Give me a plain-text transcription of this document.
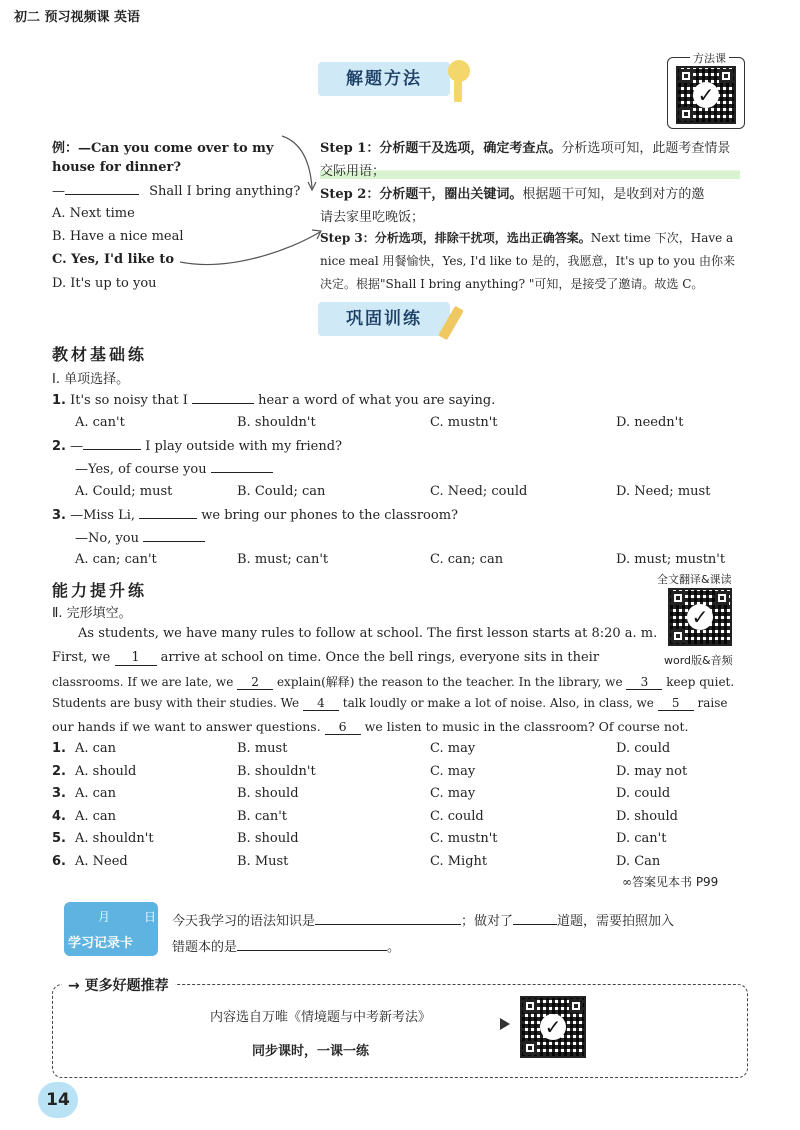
初二 预习视频课 英语
解题方法
方法课
✓
例：—Can you come over to my
house for dinner?
—	Shall I bring anything?
A. Next time
B. Have a nice meal
C. Yes, I'd like to
D. It's up to you
Step 1：分析题干及选项，确定考查点。分析选项可知，此题考查情景
交际用语；
Step 2：分析题干，圈出关键词。根据题干可知，是收到对方的邀
请去家里吃晚饭；
Step 3：分析选项，排除干扰项，选出正确答案。Next time 下次，Have a
nice meal 用餐愉快，Yes, I'd like to 是的，我愿意，It's up to you 由你来
决定。根据"Shall I bring anything? "可知，是接受了邀请。故选 C。
巩固训练
教材基础练
Ⅰ. 单项选择。
1. It's so noisy that I	hear a word of what you are saying.
A. can't	B. shouldn't	C. mustn't	D. needn't
2. —	I play outside with my friend?
—Yes, of course you
A. Could; must	B. Could; can	C. Need; could	D. Need; must
3. —Miss Li,	we bring our phones to the classroom?
—No, you
A. can; can't	B. must; can't	C. can; can	D. must; mustn't
能力提升练
全文翻译&课读
✓
word版&音频
Ⅱ. 完形填空。
As students, we have many rules to follow at school. The first lesson starts at 8:20 a. m.
First, we 1 arrive at school on time. Once the bell rings, everyone sits in their
classrooms. If we are late, we 2 explain(解释) the reason to the teacher. In the library, we 3 keep quiet.
Students are busy with their studies. We 4 talk loudly or make a lot of noise. Also, in class, we 5 raise
our hands if we want to answer questions. 6 we listen to music in the classroom? Of course not.
1. A. can	B. must	C. may	D. could
2. A. should	B. shouldn't	C. may	D. may not
3. A. can	B. should	C. may	D. could
4. A. can	B. can't	C. could	D. should
5. A. shouldn't	B. should	C. mustn't	D. can't
6. A. Need	B. Must	C. Might	D. Can
∞答案见本书 P99
月	日
学习记录卡
今天我学习的语法知识是	；做对了	道题，需要拍照加入
错题本的是	。
→ 更多好题推荐
内容选自万唯《情境题与中考新考法》
同步课时，一课一练
✓
14
